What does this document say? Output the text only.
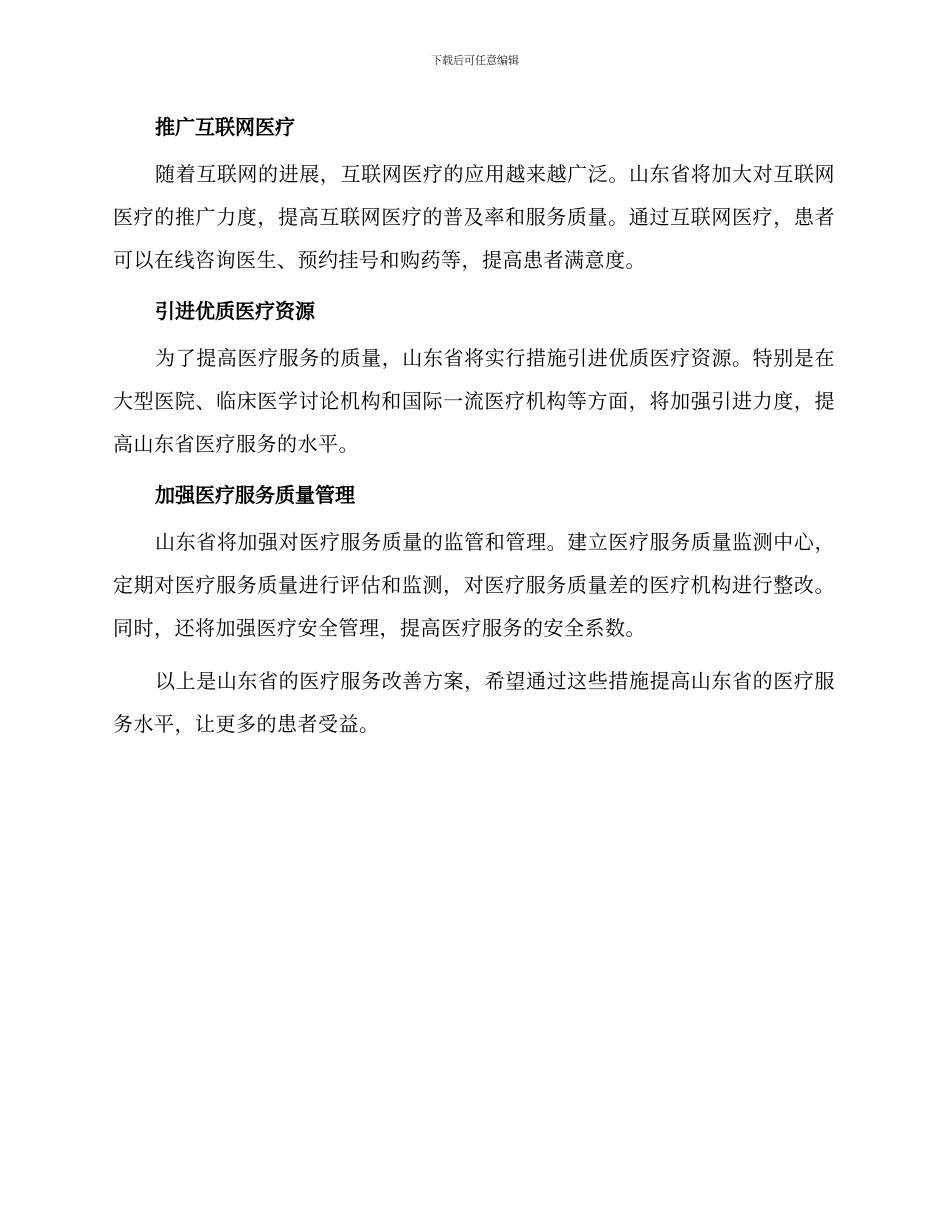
下载后可任意编辑
推广互联网医疗

随着互联网的进展，互联网医疗的应用越来越广泛。山东省将加大对互联网医疗的推广力度，提高互联网医疗的普及率和服务质量。通过互联网医疗，患者可以在线咨询医生、预约挂号和购药等，提高患者满意度。

引进优质医疗资源

为了提高医疗服务的质量，山东省将实行措施引进优质医疗资源。特别是在大型医院、临床医学讨论机构和国际一流医疗机构等方面，将加强引进力度，提高山东省医疗服务的水平。

加强医疗服务质量管理

山东省将加强对医疗服务质量的监管和管理。建立医疗服务质量监测中心，定期对医疗服务质量进行评估和监测，对医疗服务质量差的医疗机构进行整改。同时，还将加强医疗安全管理，提高医疗服务的安全系数。

以上是山东省的医疗服务改善方案，希望通过这些措施提高山东省的医疗服务水平，让更多的患者受益。
